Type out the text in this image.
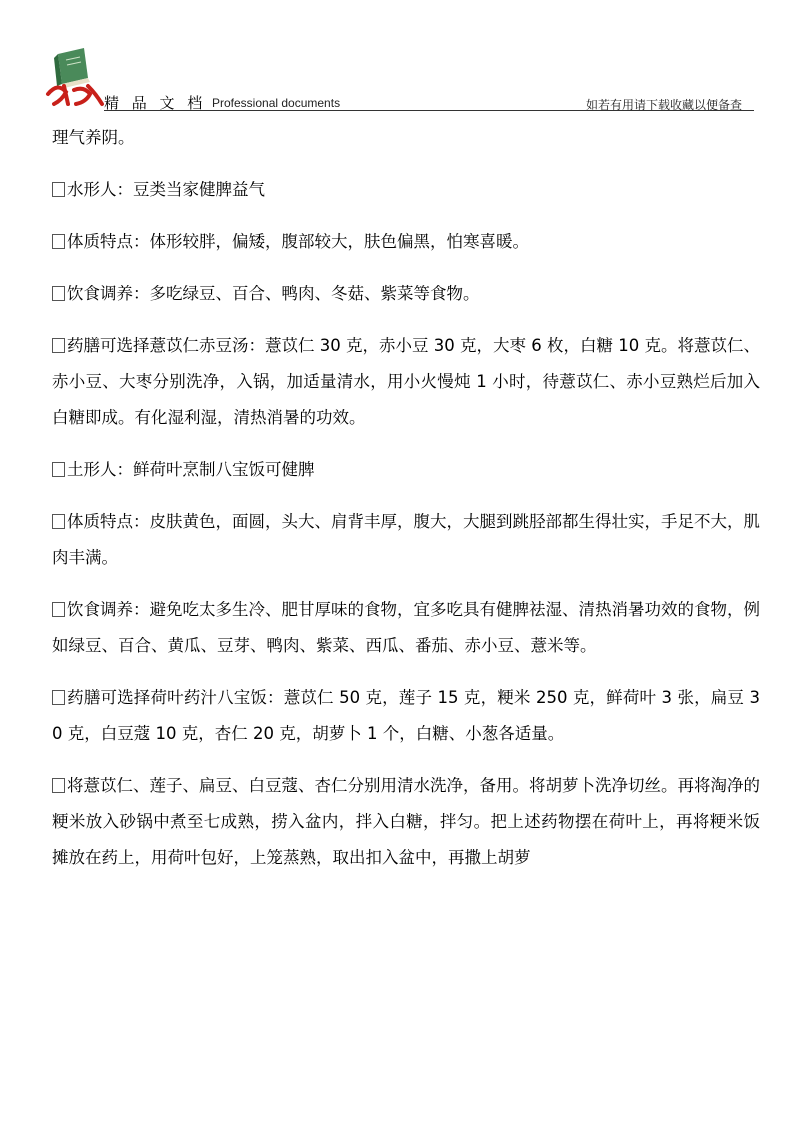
精 品 文 档 Professional documents	如若有用请下载收藏以便备查

理气养阴。

水形人：豆类当家健脾益气

体质特点：体形较胖，偏矮，腹部较大，肤色偏黑，怕寒喜暖。

饮食调养：多吃绿豆、百合、鸭肉、冬菇、紫菜等食物。

药膳可选择薏苡仁赤豆汤：薏苡仁 30 克，赤小豆 30 克，大枣 6 枚，白糖 10 克。将薏苡仁、赤小豆、大枣分别洗净，入锅，加适量清水，用小火慢炖 1 小时，待薏苡仁、赤小豆熟烂后加入白糖即成。有化湿利湿，清热消暑的功效。

土形人：鲜荷叶烹制八宝饭可健脾

体质特点：皮肤黄色，面圆，头大、肩背丰厚，腹大，大腿到跳胫部都生得壮实，手足不大，肌肉丰满。

饮食调养：避免吃太多生冷、肥甘厚味的食物，宜多吃具有健脾祛湿、清热消暑功效的食物，例如绿豆、百合、黄瓜、豆芽、鸭肉、紫菜、西瓜、番茄、赤小豆、薏米等。

药膳可选择荷叶药汁八宝饭：薏苡仁 50 克，莲子 15 克，粳米 250 克，鲜荷叶 3 张，扁豆 30 克，白豆蔻 10 克，杏仁 20 克，胡萝卜 1 个，白糖、小葱各适量。

将薏苡仁、莲子、扁豆、白豆蔻、杏仁分别用清水洗净，备用。将胡萝卜洗净切丝。再将淘净的粳米放入砂锅中煮至七成熟，捞入盆内，拌入白糖，拌匀。把上述药物摆在荷叶上，再将粳米饭摊放在药上，用荷叶包好，上笼蒸熟，取出扣入盆中，再撒上胡萝
